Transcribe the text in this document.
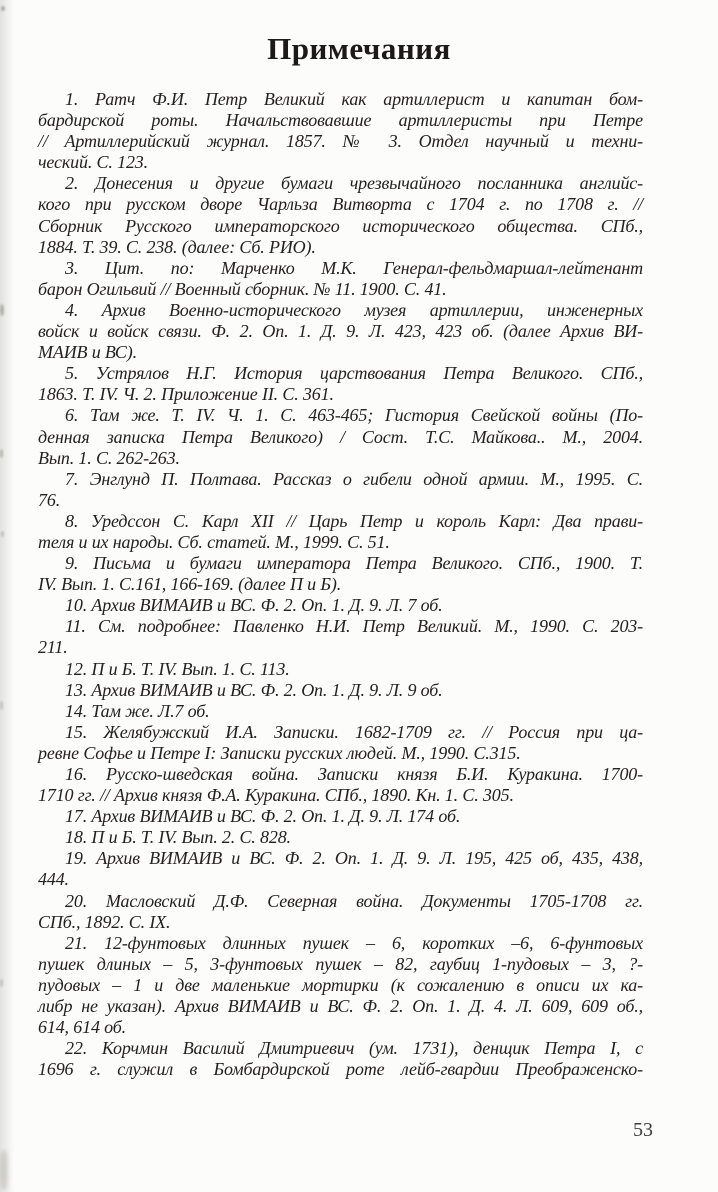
Примечания
1. Ратч Ф.И. Петр Великий как артиллерист и капитан бом-
бардирской роты. Начальствовавшие артиллеристы при Петре
// Артиллерийский журнал. 1857. № 3. Отдел научный и техни-
ческий. С. 123.
2. Донесения и другие бумаги чрезвычайного посланника английс-
кого при русском дворе Чарльза Витворта с 1704 г. по 1708 г. //
Сборник Русского императорского исторического общества. СПб.,
1884. Т. 39. С. 238. (далее: Сб. РИО).
3. Цит. по: Марченко М.К. Генерал-фельдмаршал-лейтенант
барон Огильвий // Военный сборник. № 11. 1900. С. 41.
4. Архив Военно-исторического музея артиллерии, инженерных
войск и войск связи. Ф. 2. Оп. 1. Д. 9. Л. 423, 423 об. (далее Архив ВИ-
МАИВ и ВС).
5. Устрялов Н.Г. История царствования Петра Великого. СПб.,
1863. Т. IV. Ч. 2. Приложение II. С. 361.
6. Там же. Т. IV. Ч. 1. С. 463-465; Гистория Свейской войны (По-
денная записка Петра Великого) / Сост. Т.С. Майкова.. М., 2004.
Вып. 1. С. 262-263.
7. Энглунд П. Полтава. Рассказ о гибели одной армии. М., 1995. С.
76.
8. Уредссон С. Карл XII // Царь Петр и король Карл: Два прави-
теля и их народы. Сб. статей. М., 1999. С. 51.
9. Письма и бумаги императора Петра Великого. СПб., 1900. Т.
IV. Вып. 1. С.161, 166-169. (далее П и Б).
10. Архив ВИМАИВ и ВС. Ф. 2. Оп. 1. Д. 9. Л. 7 об.
11. См. подробнее: Павленко Н.И. Петр Великий. М., 1990. С. 203-
211.
12. П и Б. Т. IV. Вып. 1. С. 113.
13. Архив ВИМАИВ и ВС. Ф. 2. Оп. 1. Д. 9. Л. 9 об.
14. Там же. Л.7 об.
15. Желябужский И.А. Записки. 1682-1709 гг. // Россия при ца-
ревне Софье и Петре I: Записки русских людей. М., 1990. С.315.
16. Русско-шведская война. Записки князя Б.И. Куракина. 1700-
1710 гг. // Архив князя Ф.А. Куракина. СПб., 1890. Кн. 1. С. 305.
17. Архив ВИМАИВ и ВС. Ф. 2. Оп. 1. Д. 9. Л. 174 об.
18. П и Б. Т. IV. Вып. 2. С. 828.
19. Архив ВИМАИВ и ВС. Ф. 2. Оп. 1. Д. 9. Л. 195, 425 об, 435, 438,
444.
20. Масловский Д.Ф. Северная война. Документы 1705-1708 гг.
СПб., 1892. С. IX.
21. 12-фунтовых длинных пушек – 6, коротких –6, 6-фунтовых
пушек длиных – 5, 3-фунтовых пушек – 82, гаубиц 1-пудовых – 3, ?-
пудовых – 1 и две маленькие мортирки (к сожалению в описи их ка-
либр не указан). Архив ВИМАИВ и ВС. Ф. 2. Оп. 1. Д. 4. Л. 609, 609 об.,
614, 614 об.
22. Корчмин Василий Дмитриевич (ум. 1731), денщик Петра I, с
1696 г. служил в Бомбардирской роте лейб-гвардии Преображенско-
53
